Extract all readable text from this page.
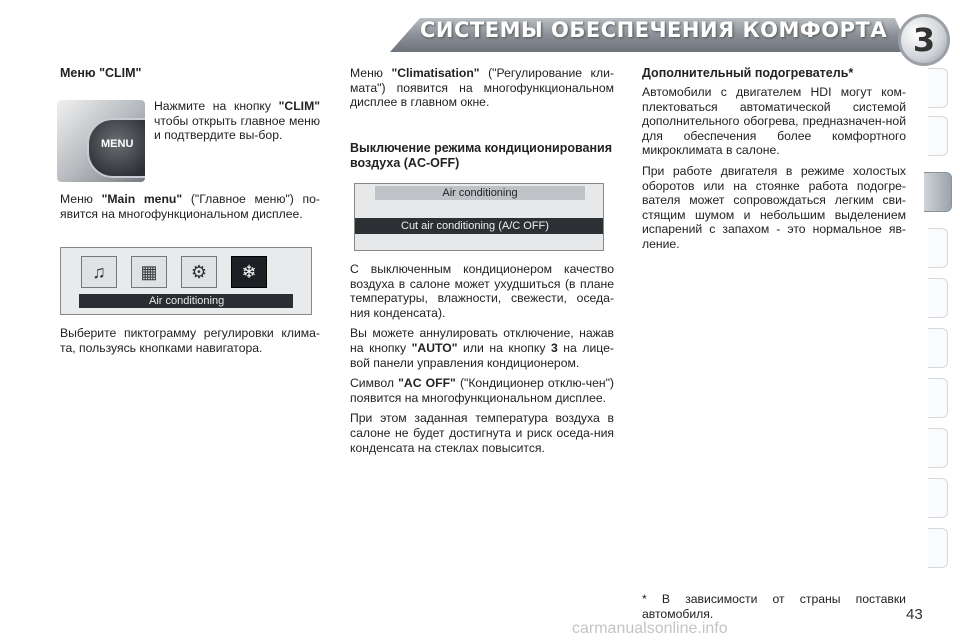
СИСТЕМЫ ОБЕСПЕЧЕНИЯ КОМФОРТА 3
Меню "CLIM"
MENU

Нажмите на кнопку "CLIM" чтобы открыть главное меню и подтвердите вы-бор.

Меню "Main menu" ("Главное меню") по-явится на многофункциональном дисплее.

♫	▦	⚙	❄
Air conditioning

Выберите пиктограмму регулировки клима-та, пользуясь кнопками навигатора.

Меню "Climatisation" ("Регулирование кли-мата") появится на многофункциональном дисплее в главном окне.

Выключение режима кондиционирования воздуха (AC-OFF)
Air conditioning
Cut air conditioning (A/C OFF)

С выключенным кондиционером качество воздуха в салоне может ухудшиться (в плане температуры, влажности, свежести, оседа-ния конденсата).

Вы можете аннулировать отключение, нажав на кнопку "AUTO" или на кнопку 3 на лице-вой панели управления кондиционером.

Символ "AC OFF" ("Кондиционер отклю-чен") появится на многофункциональном дисплее.

При этом заданная температура воздуха в салоне не будет достигнута и риск оседа-ния конденсата на стеклах повысится.

Дополнительный подогреватель*

Автомобили с двигателем HDI могут ком-плектоваться автоматической системой дополнительного обогрева, предназначен-ной для обеспечения более комфортного микроклимата в салоне.

При работе двигателя в режиме холостых оборотов или на стоянке работа подогре-вателя может сопровождаться легким сви-стящим шумом и небольшим выделением испарений с запахом - это нормальное яв-ление.

* В зависимости от страны поставки автомобиля.	43
carmanualsonline.info
